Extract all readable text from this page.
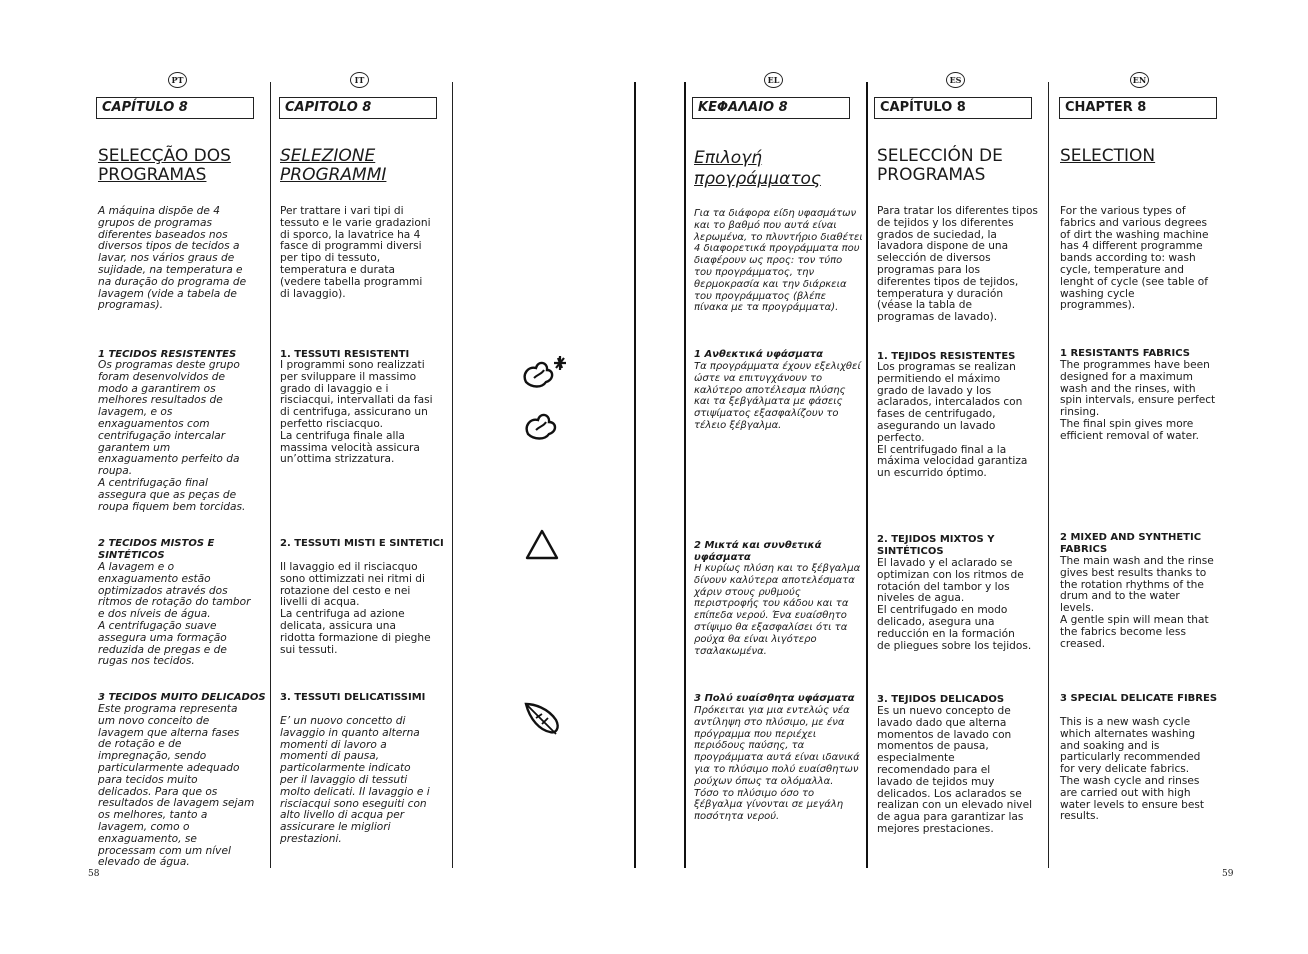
PT
CAPÍTULO 8
SELECÇÃO DOS
PROGRAMAS

A máquina dispõe de 4
grupos de programas
diferentes baseados nos
diversos tipos de tecidos a
lavar, nos vários graus de
sujidade, na temperatura e
na duração do programa de
lavagem (vide a tabela de
programas).

1 TECIDOS RESISTENTES

Os programas deste grupo
foram desenvolvidos de
modo a garantirem os
melhores resultados de
lavagem, e os
enxaguamentos com
centrifugação intercalar
garantem um
enxaguamento perfeito da
roupa.
A centrifugação final
assegura que as peças de
roupa fiquem bem torcidas.

2 TECIDOS MISTOS E
SINTÉTICOS

A lavagem e o
enxaguamento estão
optimizados através dos
ritmos de rotação do tambor
e dos níveis de água.
A centrifugação suave
assegura uma formação
reduzida de pregas e de
rugas nos tecidos.

3 TECIDOS MUITO DELICADOS

Este programa representa
um novo conceito de
lavagem que alterna fases
de rotação e de
impregnação, sendo
particularmente adequado
para tecidos muito
delicados. Para que os
resultados de lavagem sejam
os melhores, tanto a
lavagem, como o
enxaguamento, se
processam com um nível
elevado de água.

IT
CAPITOLO 8
SELEZIONE
PROGRAMMI

Per trattare i vari tipi di
tessuto e le varie gradazioni
di sporco, la lavatrice ha 4
fasce di programmi diversi
per tipo di tessuto,
temperatura e durata
(vedere tabella programmi
di lavaggio).

1. TESSUTI RESISTENTI

I programmi sono realizzati
per sviluppare il massimo
grado di lavaggio e i
risciacqui, intervallati da fasi
di centrifuga, assicurano un
perfetto risciacquo.
La centrifuga finale alla
massima velocità assicura
un’ottima strizzatura.

2. TESSUTI MISTI E SINTETICI

Il lavaggio ed il risciacquo
sono ottimizzati nei ritmi di
rotazione del cesto e nei
livelli di acqua.
La centrifuga ad azione
delicata, assicura una
ridotta formazione di pieghe
sui tessuti.

3. TESSUTI DELICATISSIMI

E’ un nuovo concetto di
lavaggio in quanto alterna
momenti di lavoro a
momenti di pausa,
particolarmente indicato
per il lavaggio di tessuti
molto delicati. Il lavaggio e i
risciacqui sono eseguiti con
alto livello di acqua per
assicurare le migliori
prestazioni.

EL
ΚΕΦΑΛΑΙΟ 8
Επιλογή
προγράμματος

Για τα διάφορα είδη υφασμάτων
και το βαθμό που αυτά είναι
λερωμένα, το πλυντήριο διαθέτει
4 διαφορετικά προγράμματα που
διαφέρουν ως προς: τον τύπο
του προγράμματος, την
θερμοκρασία και την διάρκεια
του προγράμματος (βλέπε
πίνακα με τα προγράμματα).

1 Ανθεκτικά υφάσματα

Τα προγράμματα έχουν εξελιχθεί
ώστε να επιτυγχάνουν το
καλύτερο αποτέλεσμα πλύσης
και τα ξεβγάλματα με φάσεις
στιψίματος εξασφαλίζουν το
τέλειο ξέβγαλμα.

2 Μικτά και συνθετικά
υφάσματα

Η κυρίως πλύση και το ξέβγαλμα
δίνουν καλύτερα αποτελέσματα
χάριν στους ρυθμούς
περιστροφής του κάδου και τα
επίπεδα νερού. Ένα ευαίσθητο
στίψιμο θα εξασφαλίσει ότι τα
ρούχα θα είναι λιγότερο
τσαλακωμένα.

3 Πολύ ευαίσθητα υφάσματα

Πρόκειται για μια εντελώς νέα
αντίληψη στο πλύσιμο, με ένα
πρόγραμμα που περιέχει
περιόδους παύσης, τα
προγράμματα αυτά είναι ιδανικά
για το πλύσιμο πολύ ευαίσθητων
ρούχων όπως τα ολόμαλλα.
Τόσο το πλύσιμο όσο το
ξέβγαλμα γίνονται σε μεγάλη
ποσότητα νερού.

ES
CAPÍTULO 8
SELECCIÓN DE
PROGRAMAS

Para tratar los diferentes tipos
de tejidos y los diferentes
grados de suciedad, la
lavadora dispone de una
selección de diversos
programas para los
diferentes tipos de tejidos,
temperatura y duración
(véase la tabla de
programas de lavado).

1. TEJIDOS RESISTENTES

Los programas se realizan
permitiendo el máximo
grado de lavado y los
aclarados, intercalados con
fases de centrifugado,
asegurando un lavado
perfecto.
El centrifugado final a la
máxima velocidad garantiza
un escurrido óptimo.

2. TEJIDOS MIXTOS Y
SINTÉTICOS

El lavado y el aclarado se
optimizan con los ritmos de
rotación del tambor y los
niveles de agua.
El centrifugado en modo
delicado, asegura una
reducción en la formación
de pliegues sobre los tejidos.

3. TEJIDOS DELICADOS

Es un nuevo concepto de
lavado dado que alterna
momentos de lavado con
momentos de pausa,
especialmente
recomendado para el
lavado de tejidos muy
delicados. Los aclarados se
realizan con un elevado nivel
de agua para garantizar las
mejores prestaciones.

EN
CHAPTER 8
SELECTION

For the various types of
fabrics and various degrees
of dirt the washing machine
has 4 different programme
bands according to: wash
cycle, temperature and
lenght of cycle (see table of
washing cycle
programmes).

1 RESISTANTS FABRICS

The programmes have been
designed for a maximum
wash and the rinses, with
spin intervals, ensure perfect
rinsing.
The final spin gives more
efficient removal of water.

2 MIXED AND SYNTHETIC
FABRICS

The main wash and the rinse
gives best results thanks to
the rotation rhythms of the
drum and to the water
levels.
A gentle spin will mean that
the fabrics become less
creased.

3 SPECIAL DELICATE FIBRES

This is a new wash cycle
which alternates washing
and soaking and is
particularly recommended
for very delicate fabrics.
The wash cycle and rinses
are carried out with high
water levels to ensure best
results.

58	59
